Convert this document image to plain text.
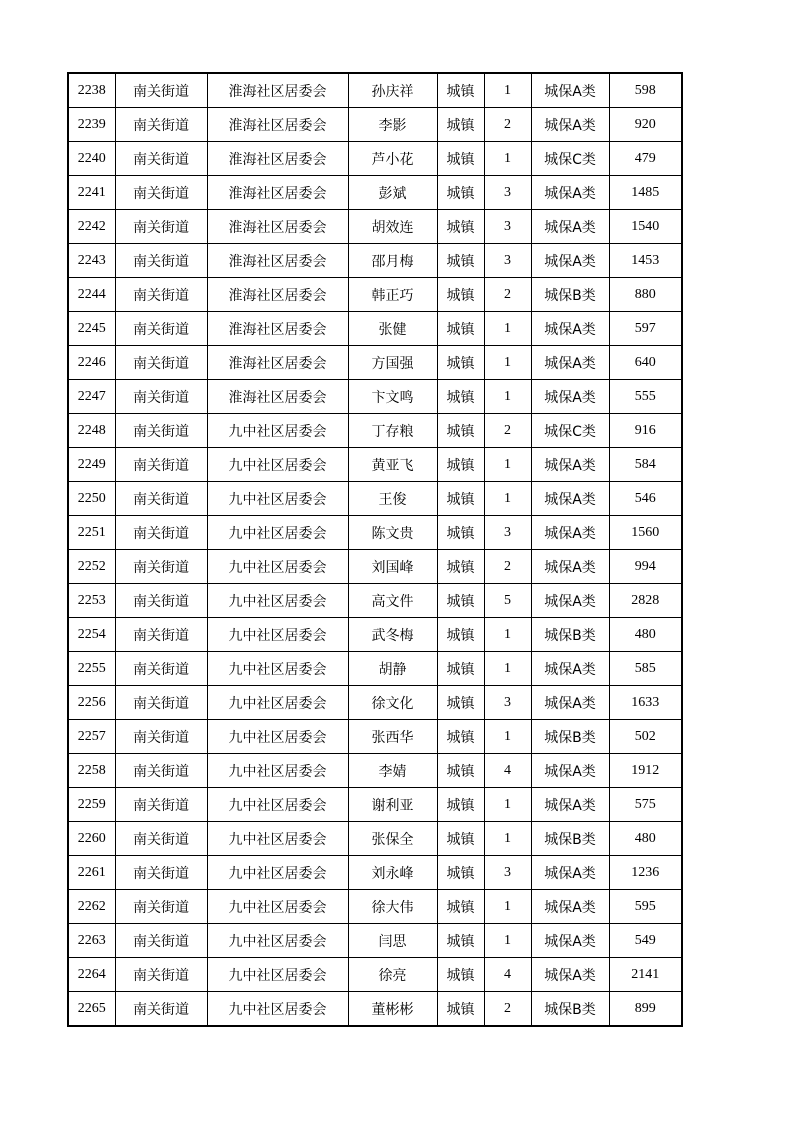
2238	南关街道	淮海社区居委会	孙庆祥	城镇	1	城保A类	598
2239	南关街道	淮海社区居委会	李影	城镇	2	城保A类	920
2240	南关街道	淮海社区居委会	芦小花	城镇	1	城保C类	479
2241	南关街道	淮海社区居委会	彭斌	城镇	3	城保A类	1485
2242	南关街道	淮海社区居委会	胡效连	城镇	3	城保A类	1540
2243	南关街道	淮海社区居委会	邵月梅	城镇	3	城保A类	1453
2244	南关街道	淮海社区居委会	韩正巧	城镇	2	城保B类	880
2245	南关街道	淮海社区居委会	张健	城镇	1	城保A类	597
2246	南关街道	淮海社区居委会	方国强	城镇	1	城保A类	640
2247	南关街道	淮海社区居委会	卞文鸣	城镇	1	城保A类	555
2248	南关街道	九中社区居委会	丁存粮	城镇	2	城保C类	916
2249	南关街道	九中社区居委会	黄亚飞	城镇	1	城保A类	584
2250	南关街道	九中社区居委会	王俊	城镇	1	城保A类	546
2251	南关街道	九中社区居委会	陈文贵	城镇	3	城保A类	1560
2252	南关街道	九中社区居委会	刘国峰	城镇	2	城保A类	994
2253	南关街道	九中社区居委会	高文件	城镇	5	城保A类	2828
2254	南关街道	九中社区居委会	武冬梅	城镇	1	城保B类	480
2255	南关街道	九中社区居委会	胡静	城镇	1	城保A类	585
2256	南关街道	九中社区居委会	徐文化	城镇	3	城保A类	1633
2257	南关街道	九中社区居委会	张西华	城镇	1	城保B类	502
2258	南关街道	九中社区居委会	李婧	城镇	4	城保A类	1912
2259	南关街道	九中社区居委会	谢利亚	城镇	1	城保A类	575
2260	南关街道	九中社区居委会	张保全	城镇	1	城保B类	480
2261	南关街道	九中社区居委会	刘永峰	城镇	3	城保A类	1236
2262	南关街道	九中社区居委会	徐大伟	城镇	1	城保A类	595
2263	南关街道	九中社区居委会	闫思	城镇	1	城保A类	549
2264	南关街道	九中社区居委会	徐亮	城镇	4	城保A类	2141
2265	南关街道	九中社区居委会	董彬彬	城镇	2	城保B类	899
